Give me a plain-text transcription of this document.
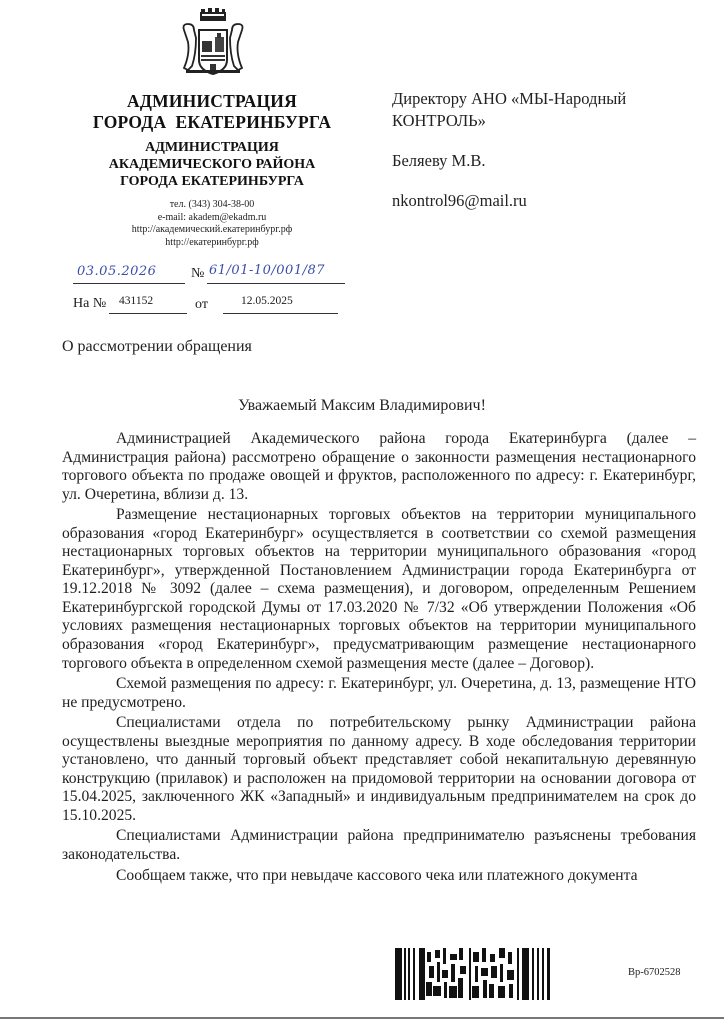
АДМИНИСТРАЦИЯ
ГОРОДА  ЕКАТЕРИНБУРГА
АДМИНИСТРАЦИЯ
АКАДЕМИЧЕСКОГО РАЙОНА
ГОРОДА ЕКАТЕРИНБУРГА
тел. (343) 304-38-00
e-mail: akadem@ekadm.ru
http://академический.екатеринбург.рф
http://екатеринбург.рф
03.05.2026 № 61/01-10/001/87
На № 431152	от	12.05.2025

Директору АНО «МЫ-Народный
КОНТРОЛЬ»

Беляеву М.В.

nkontrol96@mail.ru

О рассмотрении обращения
Уважаемый Максим Владимирович!

Администрацией Академического района города Екатеринбурга (далее – Администрация района) рассмотрено обращение о законности размещения нестационарного торгового объекта по продаже овощей и фруктов, расположенного по адресу: г. Екатеринбург, ул. Очеретина, вблизи д. 13.

Размещение нестационарных торговых объектов на территории муниципального образования «город Екатеринбург» осуществляется в соответствии со схемой размещения нестационарных торговых объектов на территории муниципального образования «город Екатеринбург», утвержденной Постановлением Администрации города Екатеринбурга от 19.12.2018 № 3092 (далее – схема размещения), и договором, определенным Решением Екатеринбургской городской Думы от 17.03.2020 № 7/32 «Об утверждении Положения «Об условиях размещения нестационарных торговых объектов на территории муниципального образования «город Екатеринбург», предусматривающим размещение нестационарного торгового объекта в определенном схемой размещения месте (далее – Договор).

Схемой размещения по адресу: г. Екатеринбург, ул. Очеретина, д. 13, размещение НТО не предусмотрено.

Специалистами отдела по потребительскому рынку Администрации района осуществлены выездные мероприятия по данному адресу. В ходе обследования территории установлено, что данный торговый объект представляет собой некапитальную деревянную конструкцию (прилавок) и расположен на придомовой территории на основании договора от 15.04.2025, заключенного ЖК «Западный» и индивидуальным предпринимателем на срок до 15.10.2025.

Специалистами Администрации района предпринимателю разъяснены требования законодательства.

Сообщаем также, что при невыдаче кассового чека или платежного документа

Вр-6702528
